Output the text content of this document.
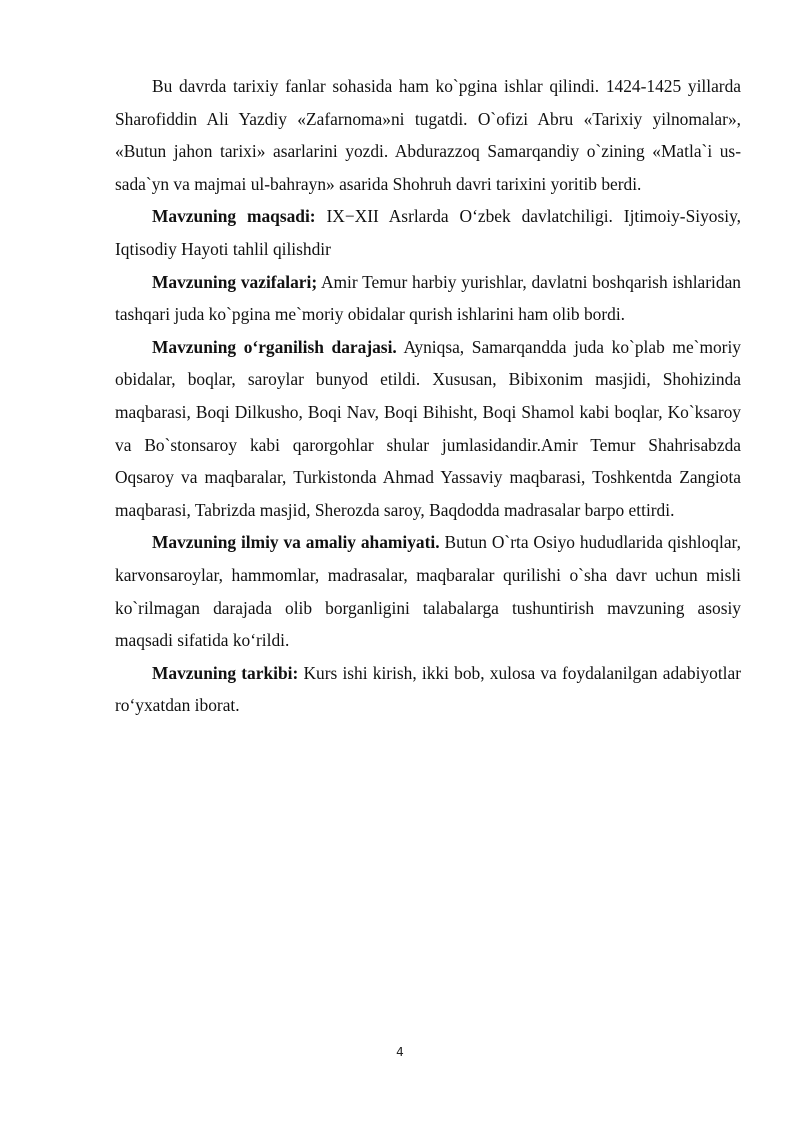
Bu davrda tarixiy fanlar sohasida ham ko`pgina ishlar qilindi. 1424-1425 yillarda Sharofiddin Ali Yazdiy «Zafarnoma»ni tugatdi. O`ofizi Abru «Tarixiy yilnomalar», «Butun jahon tarixi» asarlarini yozdi. Abdurazzoq Samarqandiy o`zining «Matla`i us-sada`yn va majmai ul-bahrayn» asarida Shohruh davri tarixini yoritib berdi.

Mavzuning maqsadi: IX−XII Asrlarda O‘zbek davlatchiligi. Ijtimoiy-Siyosiy, Iqtisodiy Hayoti tahlil qilishdir

Mavzuning vazifalari; Amir Temur harbiy yurishlar, davlatni boshqarish ishlaridan tashqari juda ko`pgina me`moriy obidalar qurish ishlarini ham olib bordi.

Mavzuning o‘rganilish darajasi. Ayniqsa, Samarqandda juda ko`plab me`moriy obidalar, boqlar, saroylar bunyod etildi. Xususan, Bibixonim masjidi, Shohizinda maqbarasi, Boqi Dilkusho, Boqi Nav, Boqi Bihisht, Boqi Shamol kabi boqlar, Ko`ksaroy va Bo`stonsaroy kabi qarorgohlar shular jumlasidandir.Amir Temur Shahrisabzda Oqsaroy va maqbaralar, Turkistonda Ahmad Yassaviy maqbarasi, Toshkentda Zangiota maqbarasi, Tabrizda masjid, Sherozda saroy, Baqdodda madrasalar barpo ettirdi.

Mavzuning ilmiy va amaliy ahamiyati. Butun O`rta Osiyo hududlarida qishloqlar, karvonsaroylar, hammomlar, madrasalar, maqbaralar qurilishi o`sha davr uchun misli ko`rilmagan darajada olib borganligini talabalarga tushuntirish mavzuning asosiy maqsadi sifatida ko‘rildi.

Mavzuning tarkibi: Kurs ishi kirish, ikki bob, xulosa va foydalanilgan adabiyotlar ro‘yxatdan iborat.

4
